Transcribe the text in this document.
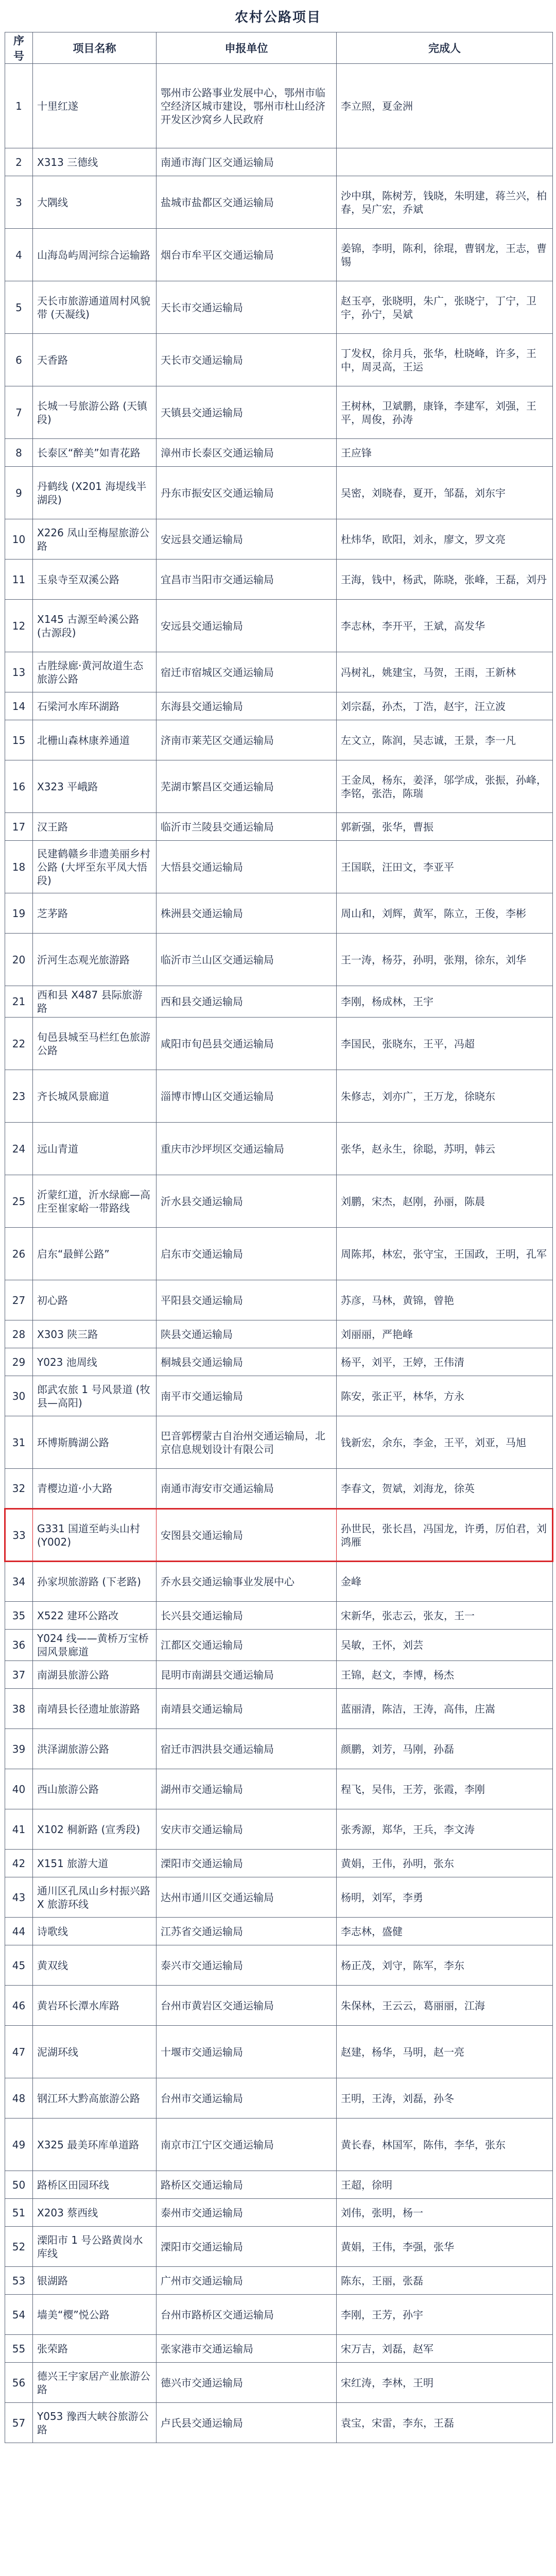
农村公路项目
序号	项目名称	申报单位	完成人
1	十里红遂	鄂州市公路事业发展中心，鄂州市临空经济区城市建设，鄂州市杜山经济开发区沙窝乡人民政府	李立照，夏金洲
2	X313 三德线	南通市海门区交通运输局	
3	大隅线	盐城市盐都区交通运输局	沙中琪，陈树芳，钱晓，朱明建，蒋兰兴，柏春，吴广宏，乔斌
4	山海岛屿周河综合运输路	烟台市牟平区交通运输局	姜锦，李明，陈利，徐琨，曹钢龙，王志，曹锡
5	天长市旅游通道周村风貌带 (天凝线)	天长市交通运输局	赵玉亭，张晓明，朱广，张晓宁，丁宁，卫宇，孙宁，吴斌
6	天香路	天长市交通运输局	丁发权，徐月兵，张华，杜晓峰，许多，王中，周灵高，王运
7	长城一号旅游公路 (天镇段)	天镇县交通运输局	王树林，卫斌鹏，康锋，李建军，刘强，王平，周俊，孙涛
8	长泰区“醉美”如青花路	漳州市长泰区交通运输局	王应锋
9	丹鹤线 (X201 海堤线半湖段)	丹东市振安区交通运输局	吴密，刘晓春，夏开，邹磊，刘东宇
10	X226 凤山至梅屋旅游公路	安远县交通运输局	杜炜华，欧阳，刘永，廖文，罗文亮
11	玉泉寺至双溪公路	宜昌市当阳市交通运输局	王海，钱中，杨武，陈晓，张峰，王磊，刘丹
12	X145 古源至岭溪公路 (古源段)	安远县交通运输局	李志林，李开平，王斌，高发华
13	古胜绿廊·黄河故道生态旅游公路	宿迁市宿城区交通运输局	冯树礼，姚建宝，马贺，王雨，王新林
14	石梁河水库环湖路	东海县交通运输局	刘宗磊，孙杰，丁浩，赵宇，汪立波
15	北栅山森林康养通道	济南市莱芜区交通运输局	左文立，陈润，吴志诚，王景，李一凡
16	X323 平峨路	芜湖市繁昌区交通运输局	王金凤，杨东，姜泽，邬学成，张振，孙峰，李铭，张浩，陈瑞
17	汉王路	临沂市兰陵县交通运输局	郭新强，张华，曹振
18	民建鹤赣乡非遗美丽乡村公路 (大坪至东平凤大悟段)	大悟县交通运输局	王国联，汪田文，李亚平
19	芝茅路	株洲县交通运输局	周山和，刘辉，黄军，陈立，王俊，李彬
20	沂河生态观光旅游路	临沂市兰山区交通运输局	王一涛，杨芬，孙明，张翔，徐东，刘华
21	西和县 X487 县际旅游路	西和县交通运输局	李刚，杨成林，王宇
22	旬邑县城至马栏红色旅游公路	咸阳市旬邑县交通运输局	李国民，张晓东，王平，冯超
23	齐长城风景廊道	淄博市博山区交通运输局	朱修志，刘亦广，王万龙，徐晓东
24	远山青道	重庆市沙坪坝区交通运输局	张华，赵永生，徐聪，苏明，韩云
25	沂蒙红道，沂水绿廊—高庄至崔家峪一带路线	沂水县交通运输局	刘鹏，宋杰，赵刚，孙丽，陈晨
26	启东“最鲜公路”	启东市交通运输局	周陈邦，林宏，张守宝，王国政，王明，孔军
27	初心路	平阳县交通运输局	苏彦，马林，黄锦，曾艳
28	X303 陕三路	陕县交通运输局	刘丽丽，严艳峰
29	Y023 池周线	桐城县交通运输局	杨平，刘平，王婷，王伟清
30	郎武农旅 1 号风景道 (牧县—高阳)	南平市交通运输局	陈安，张正平，林华，方永
31	环博斯腾湖公路	巴音郭楞蒙古自治州交通运输局，北京信息规划设计有限公司	钱新宏，余东，李金，王平，刘亚，马旭
32	青樱边道·小大路	南通市海安市交通运输局	李春文，贺斌，刘海龙，徐英
33	G331 国道至屿头山村 (Y002)	安图县交通运输局	孙世民，张长昌，冯国龙，许勇，厉伯君，刘鸿雁
34	孙家坝旅游路 (下老路)	乔水县交通运输事业发展中心	金峰
35	X522 建环公路改	长兴县交通运输局	宋新华，张志云，张友，王一
36	Y024 线——黄桥万宝桥园风景廊道	江都区交通运输局	吴敏，王怀，刘芸
37	南湖县旅游公路	昆明市南湖县交通运输局	王锦，赵文，李博，杨杰
38	南靖县长径遗址旅游路	南靖县交通运输局	蓝丽清，陈洁，王涛，高伟，庄嵩
39	洪泽湖旅游公路	宿迁市泗洪县交通运输局	颜鹏，刘芳，马刚，孙磊
40	西山旅游公路	湖州市交通运输局	程飞，吴伟，王芳，张霞，李刚
41	X102 桐新路 (宣秀段)	安庆市交通运输局	张秀源，郑华，王兵，李文涛
42	X151 旅游大道	溧阳市交通运输局	黄娟，王伟，孙明，张东
43	通川区孔凤山乡村振兴路 X 旅游环线	达州市通川区交通运输局	杨明，刘军，李勇
44	诗歌线	江苏省交通运输局	李志林，盛健
45	黄双线	泰兴市交通运输局	杨正茂，刘守，陈军，李东
46	黄岩环长潭水库路	台州市黄岩区交通运输局	朱保林，王云云，葛丽丽，江海
47	泥湖环线	十堰市交通运输局	赵建，杨华，马明，赵一亮
48	钢江环大黔高旅游公路	台州市交通运输局	王明，王涛，刘磊，孙冬
49	X325 最美环库单道路	南京市江宁区交通运输局	黄长春，林国军，陈伟，李华，张东
50	路桥区田园环线	路桥区交通运输局	王超，徐明
51	X203 蔡西线	泰州市交通运输局	刘伟，张明，杨一
52	溧阳市 1 号公路黄岗水库线	溧阳市交通运输局	黄娟，王伟，李强，张华
53	银湖路	广州市交通运输局	陈东，王丽，张磊
54	墙美“樱”悦公路	台州市路桥区交通运输局	李刚，王芳，孙宇
55	张荣路	张家港市交通运输局	宋万吉，刘磊，赵军
56	德兴王宇家居产业旅游公路	德兴市交通运输局	宋红涛，李林，王明
57	Y053 豫西大峡谷旅游公路	卢氏县交通运输局	袁宝，宋雷，李东，王磊
